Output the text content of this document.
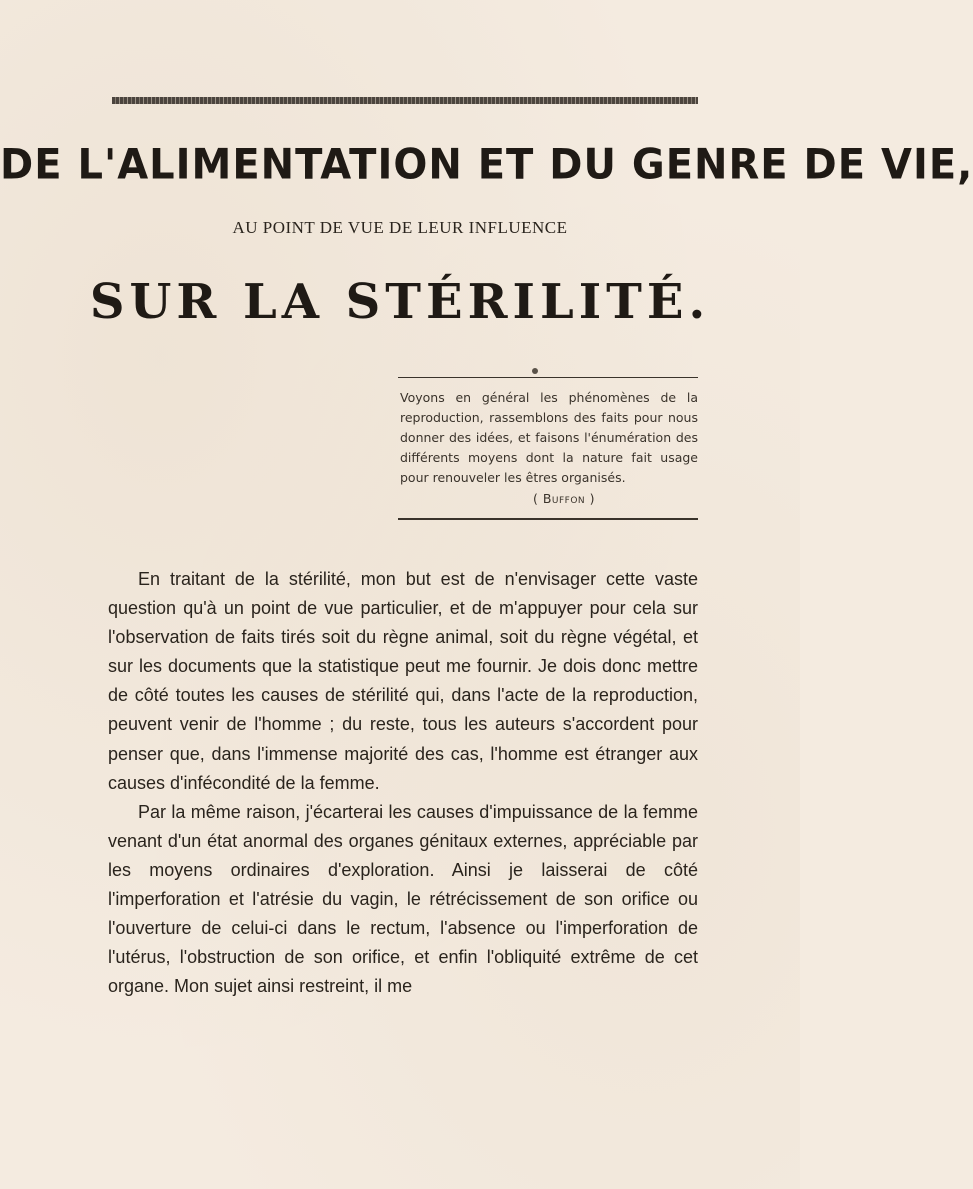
DE L'ALIMENTATION ET DU GENRE DE VIE,
AU POINT DE VUE DE LEUR INFLUENCE
SUR LA STÉRILITÉ.
Voyons en général les phénomènes de la reproduction, rassemblons des faits pour nous donner des idées, et faisons l'énumération des différents moyens dont la nature fait usage pour renouveler les êtres organisés.
( Buffon )

En traitant de la stérilité, mon but est de n'envisager cette vaste question qu'à un point de vue particulier, et de m'appuyer pour cela sur l'observation de faits tirés soit du règne animal, soit du règne végétal, et sur les documents que la statistique peut me fournir. Je dois donc mettre de côté toutes les causes de stérilité qui, dans l'acte de la reproduction, peuvent venir de l'homme ; du reste, tous les auteurs s'accordent pour penser que, dans l'immense majorité des cas, l'homme est étranger aux causes d'infécondité de la femme.

Par la même raison, j'écarterai les causes d'impuissance de la femme venant d'un état anormal des organes génitaux externes, appréciable par les moyens ordinaires d'exploration. Ainsi je laisserai de côté l'imperforation et l'atrésie du vagin, le rétrécissement de son orifice ou l'ouverture de celui-ci dans le rectum, l'absence ou l'imperforation de l'utérus, l'obstruction de son orifice, et enfin l'obliquité extrême de cet organe. Mon sujet ainsi restreint, il me
